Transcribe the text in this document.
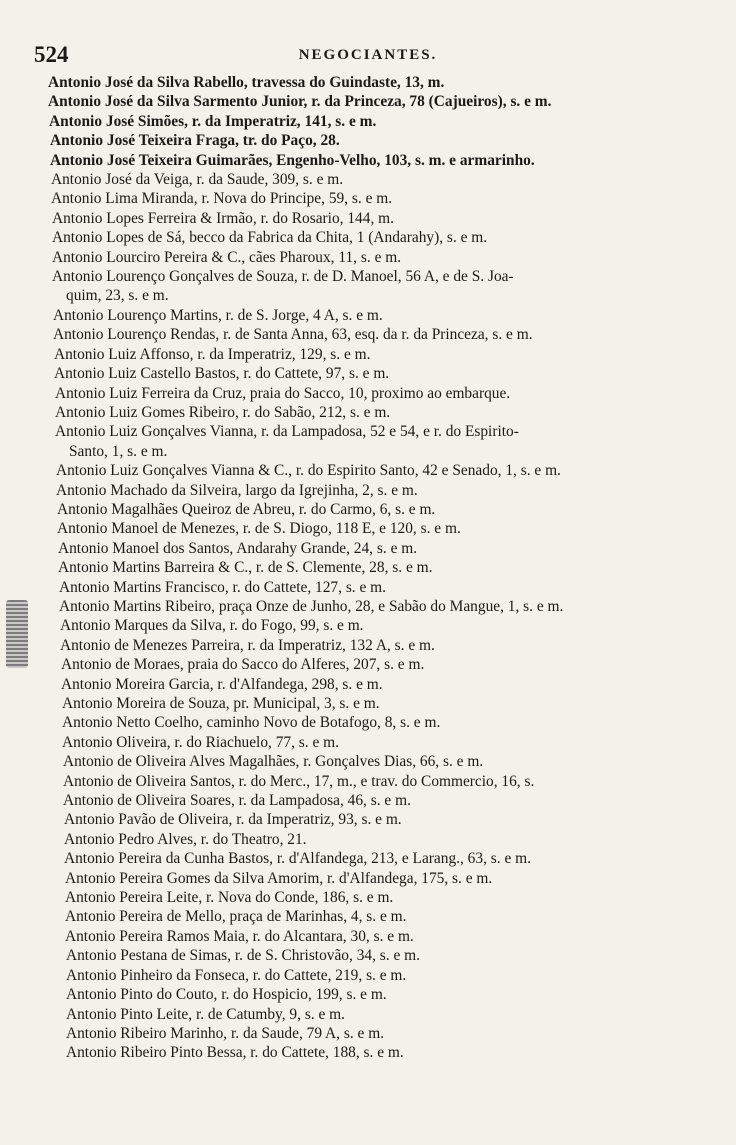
524	NEGOCIANTES.
Antonio José da Silva Rabello, travessa do Guindaste, 13, m.
Antonio José da Silva Sarmento Junior, r. da Princeza, 78 (Cajueiros), s. e m.
Antonio José Simões, r. da Imperatriz, 141, s. e m.
Antonio José Teixeira Fraga, tr. do Paço, 28.
Antonio José Teixeira Guimarães, Engenho-Velho, 103, s. m. e armarinho.
Antonio José da Veiga, r. da Saude, 309, s. e m.
Antonio Lima Miranda, r. Nova do Principe, 59, s. e m.
Antonio Lopes Ferreira & Irmão, r. do Rosario, 144, m.
Antonio Lopes de Sá, becco da Fabrica da Chita, 1 (Andarahy), s. e m.
Antonio Lourciro Pereira & C., cães Pharoux, 11, s. e m.
Antonio Lourenço Gonçalves de Souza, r. de D. Manoel, 56 A, e de S. Joa-
quim, 23, s. e m.
Antonio Lourenço Martins, r. de S. Jorge, 4 A, s. e m.
Antonio Lourenço Rendas, r. de Santa Anna, 63, esq. da r. da Princeza, s. e m.
Antonio Luiz Affonso, r. da Imperatriz, 129, s. e m.
Antonio Luiz Castello Bastos, r. do Cattete, 97, s. e m.
Antonio Luiz Ferreira da Cruz, praia do Sacco, 10, proximo ao embarque.
Antonio Luiz Gomes Ribeiro, r. do Sabão, 212, s. e m.
Antonio Luiz Gonçalves Vianna, r. da Lampadosa, 52 e 54, e r. do Espirito-
Santo, 1, s. e m.
Antonio Luiz Gonçalves Vianna & C., r. do Espirito Santo, 42 e Senado, 1, s. e m.
Antonio Machado da Silveira, largo da Igrejinha, 2, s. e m.
Antonio Magalhães Queiroz de Abreu, r. do Carmo, 6, s. e m.
Antonio Manoel de Menezes, r. de S. Diogo, 118 E, e 120, s. e m.
Antonio Manoel dos Santos, Andarahy Grande, 24, s. e m.
Antonio Martins Barreira & C., r. de S. Clemente, 28, s. e m.
Antonio Martins Francisco, r. do Cattete, 127, s. e m.
Antonio Martins Ribeiro, praça Onze de Junho, 28, e Sabão do Mangue, 1, s. e m.
Antonio Marques da Silva, r. do Fogo, 99, s. e m.
Antonio de Menezes Parreira, r. da Imperatriz, 132 A, s. e m.
Antonio de Moraes, praia do Sacco do Alferes, 207, s. e m.
Antonio Moreira Garcia, r. d'Alfandega, 298, s. e m.
Antonio Moreira de Souza, pr. Municipal, 3, s. e m.
Antonio Netto Coelho, caminho Novo de Botafogo, 8, s. e m.
Antonio Oliveira, r. do Riachuelo, 77, s. e m.
Antonio de Oliveira Alves Magalhães, r. Gonçalves Dias, 66, s. e m.
Antonio de Oliveira Santos, r. do Merc., 17, m., e trav. do Commercio, 16, s.
Antonio de Oliveira Soares, r. da Lampadosa, 46, s. e m.
Antonio Pavão de Oliveira, r. da Imperatriz, 93, s. e m.
Antonio Pedro Alves, r. do Theatro, 21.
Antonio Pereira da Cunha Bastos, r. d'Alfandega, 213, e Larang., 63, s. e m.
Antonio Pereira Gomes da Silva Amorim, r. d'Alfandega, 175, s. e m.
Antonio Pereira Leite, r. Nova do Conde, 186, s. e m.
Antonio Pereira de Mello, praça de Marinhas, 4, s. e m.
Antonio Pereira Ramos Maia, r. do Alcantara, 30, s. e m.
Antonio Pestana de Simas, r. de S. Christovão, 34, s. e m.
Antonio Pinheiro da Fonseca, r. do Cattete, 219, s. e m.
Antonio Pinto do Couto, r. do Hospicio, 199, s. e m.
Antonio Pinto Leite, r. de Catumby, 9, s. e m.
Antonio Ribeiro Marinho, r. da Saude, 79 A, s. e m.
Antonio Ribeiro Pinto Bessa, r. do Cattete, 188, s. e m.
